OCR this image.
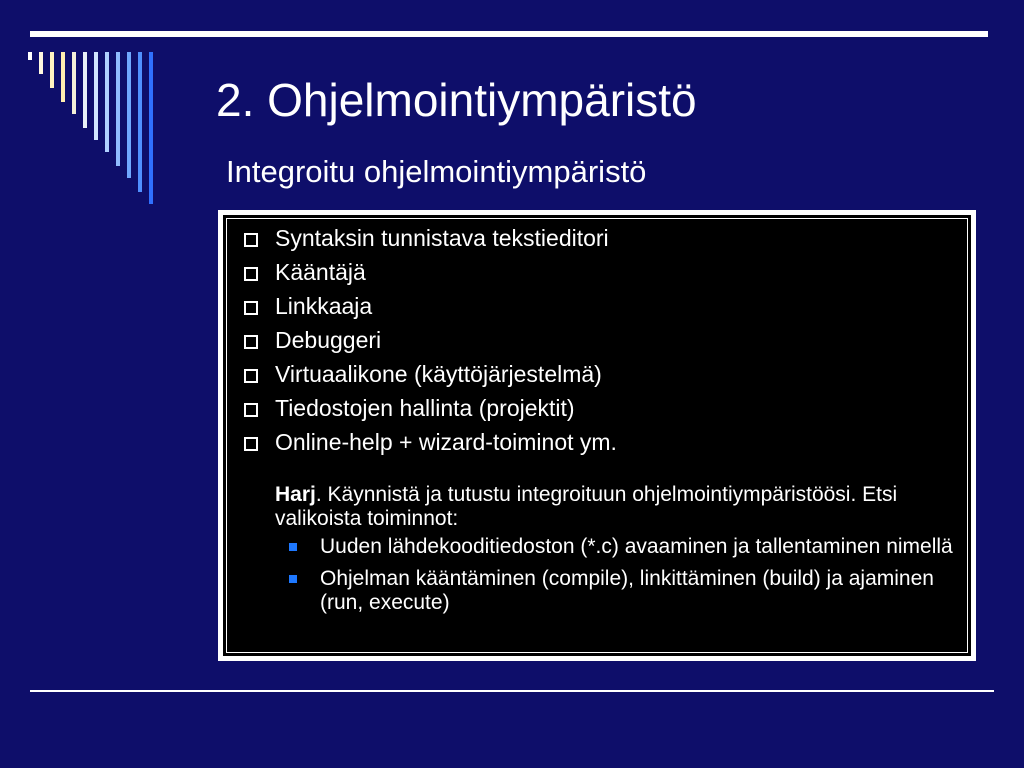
2. Ohjelmointiympäristö
Integroitu ohjelmointiympäristö
Syntaksin tunnistava tekstieditori
Kääntäjä
Linkkaaja
Debuggeri
Virtuaalikone (käyttöjärjestelmä)
Tiedostojen hallinta (projektit)
Online-help + wizard-toiminot ym.

Harj. Käynnistä ja tutustu integroituun ohjelmointiympäristöösi. Etsi valikoista toiminnot:

Uuden lähdekooditiedoston (*.c) avaaminen ja tallentaminen nimellä
Ohjelman kääntäminen (compile), linkittäminen (build) ja ajaminen (run, execute)
